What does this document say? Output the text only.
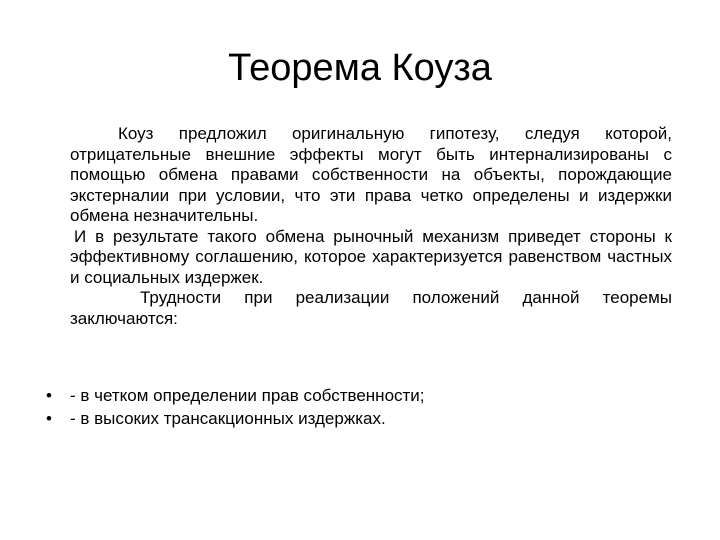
Теорема Коуза

Коуз предложил оригинальную гипотезу, следуя которой, отрицательные внешние эффекты могут быть интернализированы с помощью обмена правами собственности на объекты, порождающие экстерналии при условии, что эти права четко определены и издержки обмена незначительны.

И в результате такого обмена рыночный механизм приведет стороны к эффективному соглашению, которое характеризуется равенством частных и социальных издержек.

Трудности при реализации положений данной теоремы заключаются:

• - в четком определении прав собственности;
• - в высоких трансакционных издержках.
